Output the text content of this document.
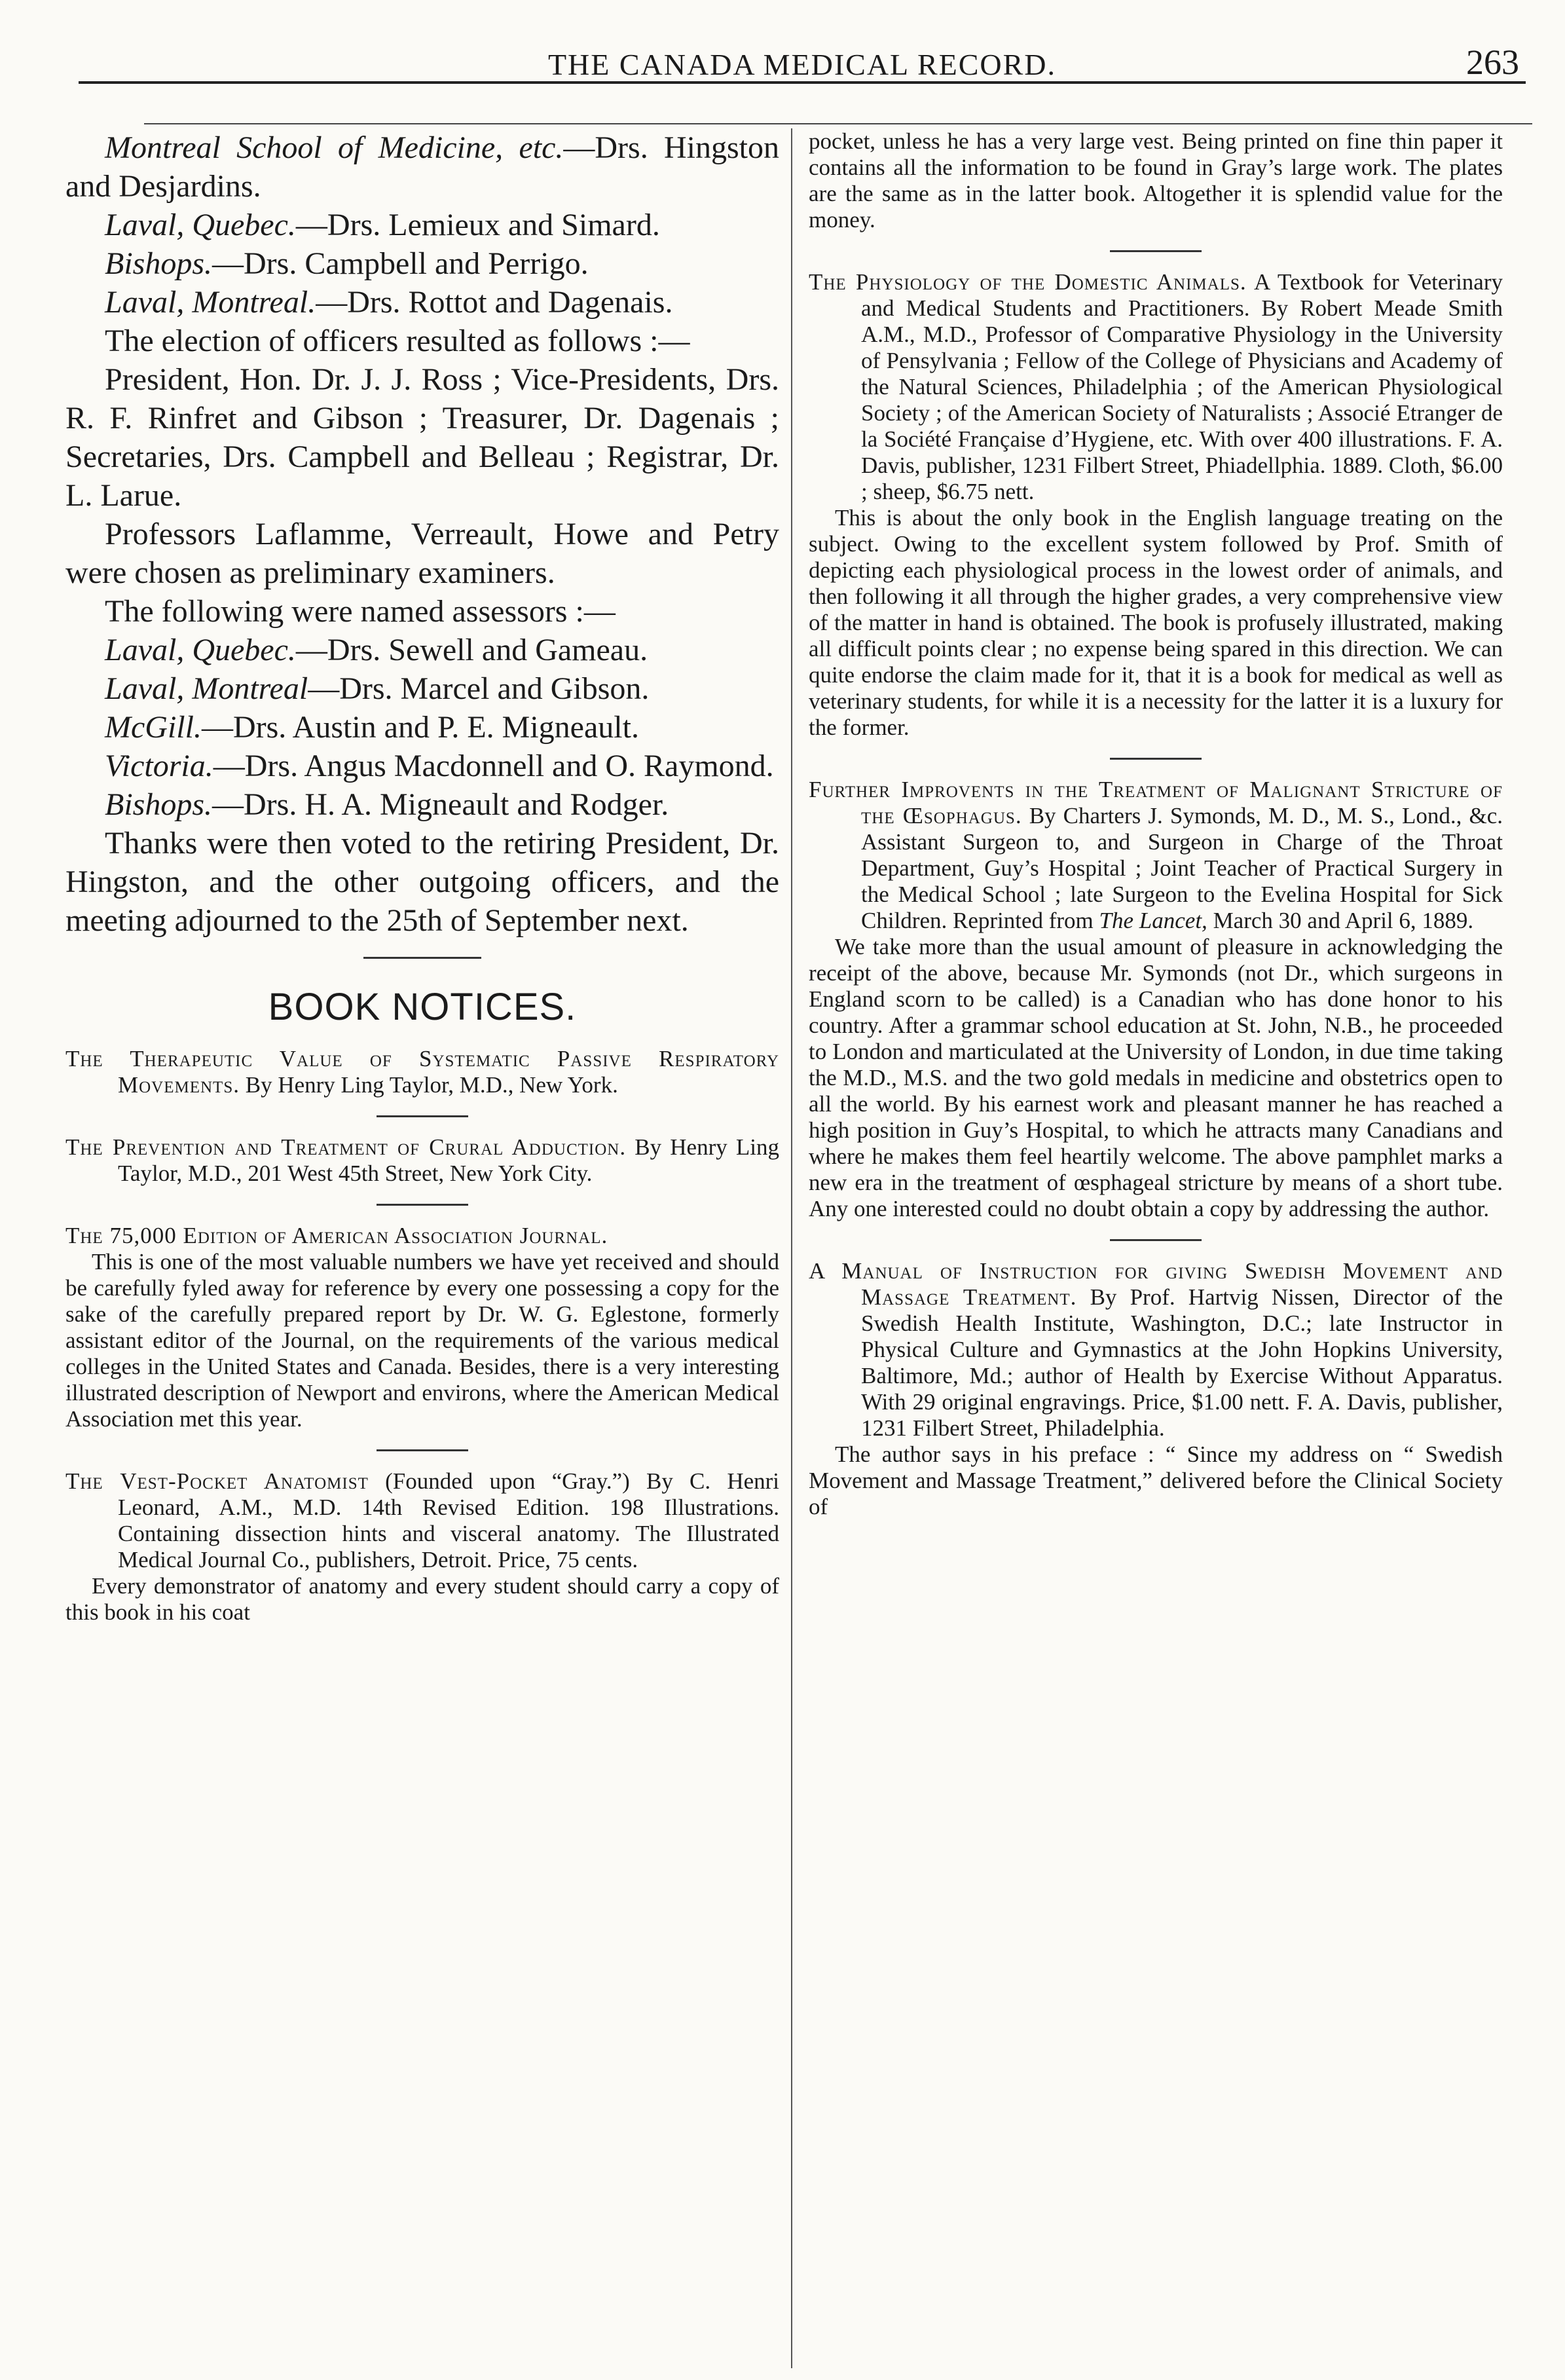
THE CANADA MEDICAL RECORD.	263

Montreal School of Medicine, etc.—Drs. Hingston and Desjardins.

Laval, Quebec.—Drs. Lemieux and Simard.

Bishops.—Drs. Campbell and Perrigo.

Laval, Montreal.—Drs. Rottot and Dagenais.

The election of officers resulted as follows :—

President, Hon. Dr. J. J. Ross ; Vice-Presidents, Drs. R. F. Rinfret and Gibson ; Treasurer, Dr. Dagenais ; Secretaries, Drs. Campbell and Belleau ; Registrar, Dr. L. Larue.

Professors Laflamme, Verreault, Howe and Petry were chosen as preliminary examiners.

The following were named assessors :—

Laval, Quebec.—Drs. Sewell and Gameau.

Laval, Montreal—Drs. Marcel and Gibson.

McGill.—Drs. Austin and P. E. Migneault.

Victoria.—Drs. Angus Macdonnell and O. Raymond.

Bishops.—Drs. H. A. Migneault and Rodger.

Thanks were then voted to the retiring President, Dr. Hingston, and the other outgoing officers, and the meeting adjourned to the 25th of September next.

BOOK NOTICES.

The Therapeutic Value of Systematic Passive Respiratory Movements. By Henry Ling Taylor, M.D., New York.

The Prevention and Treatment of Crural Adduction. By Henry Ling Taylor, M.D., 201 West 45th Street, New York City.

The 75,000 Edition of American Association Journal.

This is one of the most valuable numbers we have yet received and should be carefully fyled away for reference by every one possessing a copy for the sake of the carefully prepared report by Dr. W. G. Eglestone, formerly assistant editor of the Journal, on the requirements of the various medical colleges in the United States and Canada. Besides, there is a very interesting illustrated description of Newport and environs, where the American Medical Association met this year.

The Vest-Pocket Anatomist (Founded upon “Gray.”) By C. Henri Leonard, A.M., M.D. 14th Revised Edition. 198 Illustrations. Containing dissection hints and visceral anatomy. The Illustrated Medical Journal Co., publishers, Detroit. Price, 75 cents.

Every demonstrator of anatomy and every student should carry a copy of this book in his coat

pocket, unless he has a very large vest. Being printed on fine thin paper it contains all the information to be found in Gray’s large work. The plates are the same as in the latter book. Altogether it is splendid value for the money.

The Physiology of the Domestic Animals. A Textbook for Veterinary and Medical Students and Practitioners. By Robert Meade Smith A.M., M.D., Professor of Comparative Physiology in the University of Pensylvania ; Fellow of the College of Physicians and Academy of the Natural Sciences, Philadelphia ; of the American Physiological Society ; of the American Society of Naturalists ; Associé Etranger de la Société Française d’Hygiene, etc. With over 400 illustrations. F. A. Davis, publisher, 1231 Filbert Street, Phiadellphia. 1889. Cloth, $6.00 ; sheep, $6.75 nett.

This is about the only book in the English language treating on the subject. Owing to the excellent system followed by Prof. Smith of depicting each physiological process in the lowest order of animals, and then following it all through the higher grades, a very comprehensive view of the matter in hand is obtained. The book is profusely illustrated, making all difficult points clear ; no expense being spared in this direction. We can quite endorse the claim made for it, that it is a book for medical as well as veterinary students, for while it is a necessity for the latter it is a luxury for the former.

Further Improvents in the Treatment of Malignant Stricture of the Œsophagus. By Charters J. Symonds, M. D., M. S., Lond., &c. Assistant Surgeon to, and Surgeon in Charge of the Throat Department, Guy’s Hospital ; Joint Teacher of Practical Surgery in the Medical School ; late Surgeon to the Evelina Hospital for Sick Children. Reprinted from The Lancet, March 30 and April 6, 1889.

We take more than the usual amount of pleasure in acknowledging the receipt of the above, because Mr. Symonds (not Dr., which surgeons in England scorn to be called) is a Canadian who has done honor to his country. After a grammar school education at St. John, N.B., he proceeded to London and marticulated at the University of London, in due time taking the M.D., M.S. and the two gold medals in medicine and obstetrics open to all the world. By his earnest work and pleasant manner he has reached a high position in Guy’s Hospital, to which he attracts many Canadians and where he makes them feel heartily welcome. The above pamphlet marks a new era in the treatment of œsphageal stricture by means of a short tube. Any one interested could no doubt obtain a copy by addressing the author.

A Manual of Instruction for giving Swedish Movement and Massage Treatment. By Prof. Hartvig Nissen, Director of the Swedish Health Institute, Washington, D.C.; late Instructor in Physical Culture and Gymnastics at the John Hopkins University, Baltimore, Md.; author of Health by Exercise Without Apparatus. With 29 original engravings. Price, $1.00 nett. F. A. Davis, publisher, 1231 Filbert Street, Philadelphia.

The author says in his preface : “ Since my address on “ Swedish Movement and Massage Treatment,” delivered before the Clinical Society of
